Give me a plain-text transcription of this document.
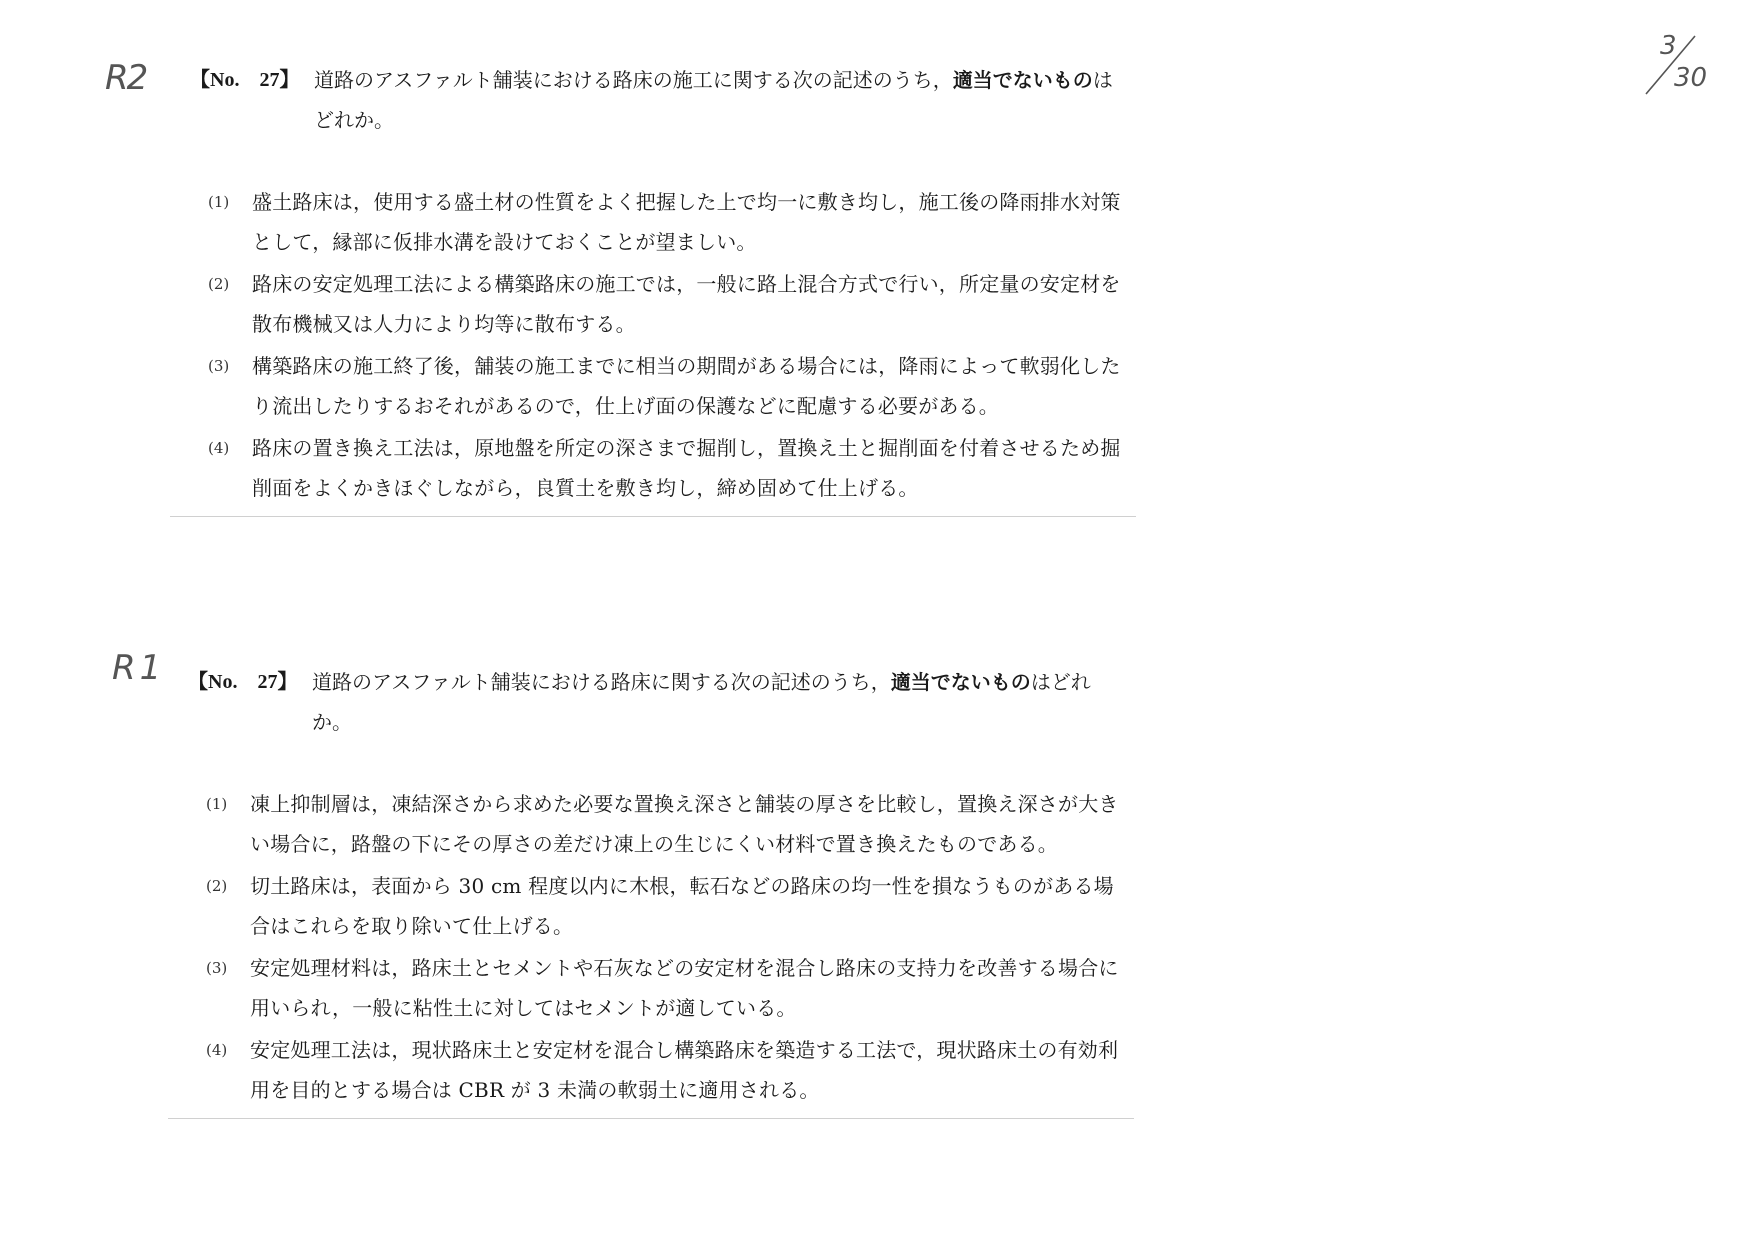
R2
R1
3
30
【No.　27】 道路のアスファルト舗装における路床の施工に関する次の記述のうち，適当でないものはどれか。
(1)	盛土路床は，使用する盛土材の性質をよく把握した上で均一に敷き均し，施工後の降雨排水対策として，縁部に仮排水溝を設けておくことが望ましい。
(2)	路床の安定処理工法による構築路床の施工では，一般に路上混合方式で行い，所定量の安定材を散布機械又は人力により均等に散布する。
(3)	構築路床の施工終了後，舗装の施工までに相当の期間がある場合には，降雨によって軟弱化したり流出したりするおそれがあるので，仕上げ面の保護などに配慮する必要がある。
(4)	路床の置き換え工法は，原地盤を所定の深さまで掘削し，置換え土と掘削面を付着させるため掘削面をよくかきほぐしながら，良質土を敷き均し，締め固めて仕上げる。
【No.　27】 道路のアスファルト舗装における路床に関する次の記述のうち，適当でないものはどれか。
(1)	凍上抑制層は，凍結深さから求めた必要な置換え深さと舗装の厚さを比較し，置換え深さが大きい場合に，路盤の下にその厚さの差だけ凍上の生じにくい材料で置き換えたものである。
(2)	切土路床は，表面から 30 cm 程度以内に木根，転石などの路床の均一性を損なうものがある場合はこれらを取り除いて仕上げる。
(3)	安定処理材料は，路床土とセメントや石灰などの安定材を混合し路床の支持力を改善する場合に用いられ，一般に粘性土に対してはセメントが適している。
(4)	安定処理工法は，現状路床土と安定材を混合し構築路床を築造する工法で，現状路床土の有効利用を目的とする場合は CBR が 3 未満の軟弱土に適用される。
